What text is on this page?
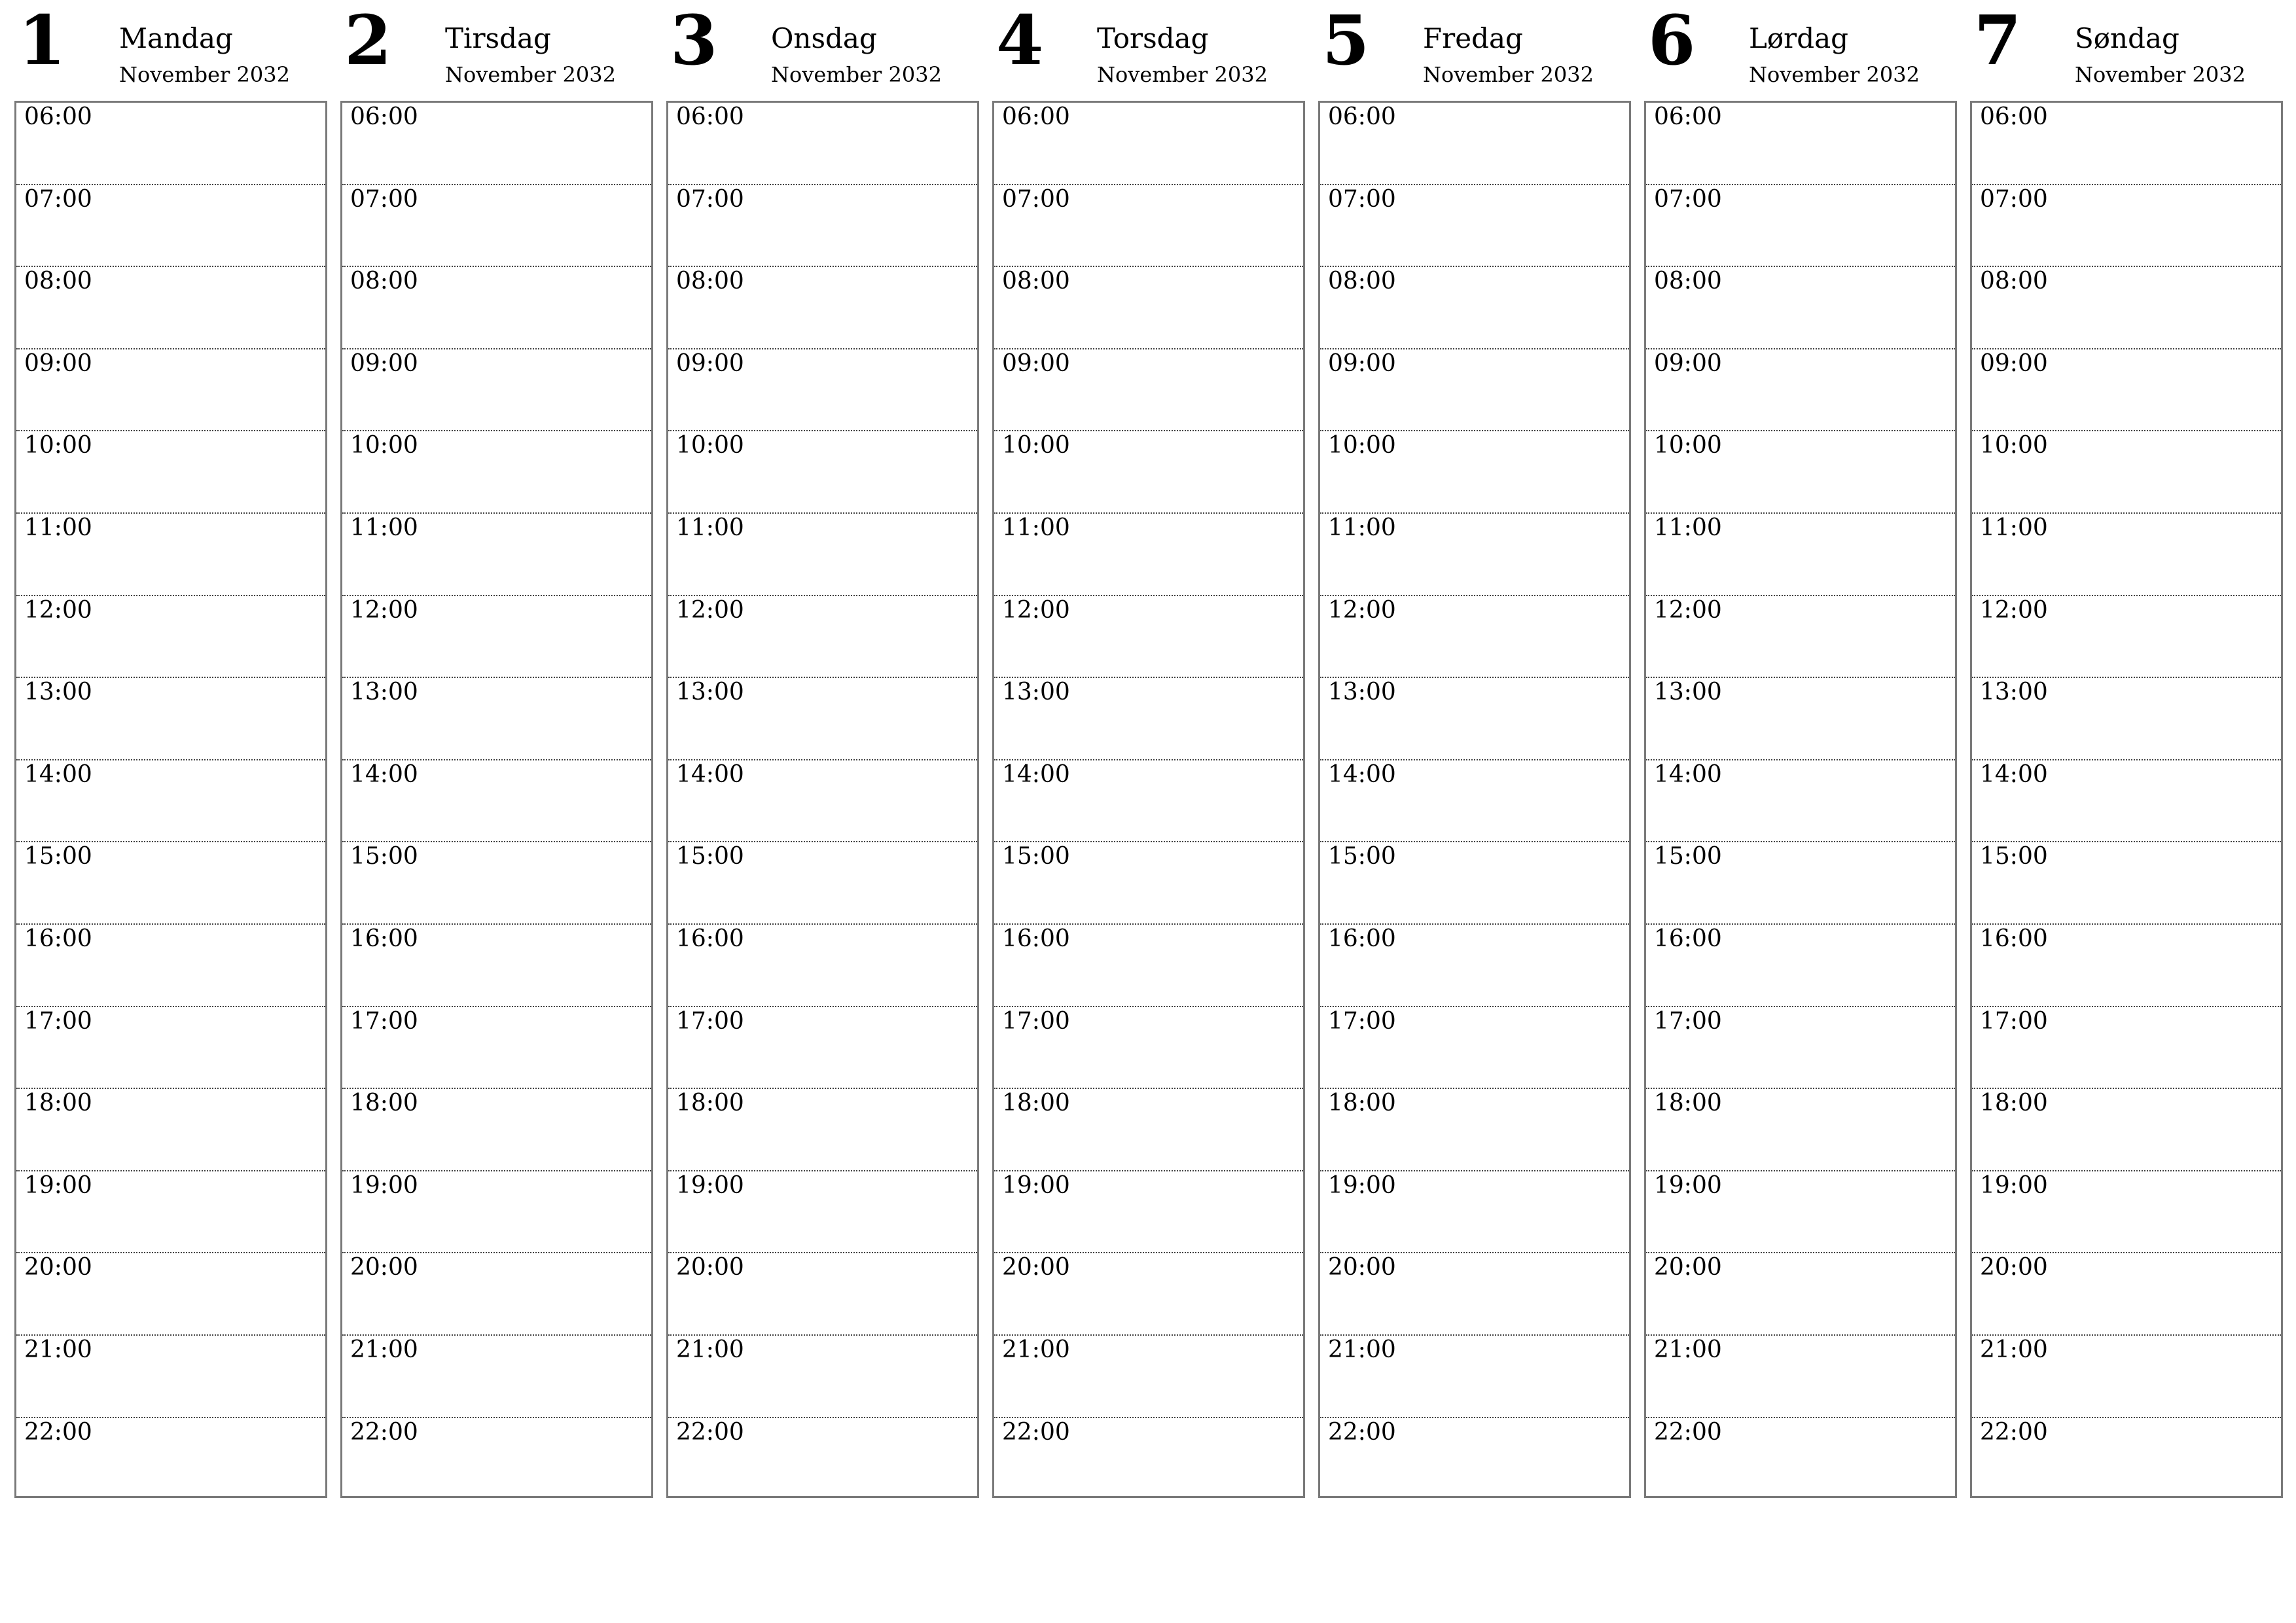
1 Mandag
November 2032
06:00
07:00
08:00
09:00
10:00
11:00
12:00
13:00
14:00
15:00
16:00
17:00
18:00
19:00
20:00
21:00
22:00
2 Tirsdag
November 2032
06:00
07:00
08:00
09:00
10:00
11:00
12:00
13:00
14:00
15:00
16:00
17:00
18:00
19:00
20:00
21:00
22:00
3 Onsdag
November 2032
06:00
07:00
08:00
09:00
10:00
11:00
12:00
13:00
14:00
15:00
16:00
17:00
18:00
19:00
20:00
21:00
22:00
4 Torsdag
November 2032
06:00
07:00
08:00
09:00
10:00
11:00
12:00
13:00
14:00
15:00
16:00
17:00
18:00
19:00
20:00
21:00
22:00
5 Fredag
November 2032
06:00
07:00
08:00
09:00
10:00
11:00
12:00
13:00
14:00
15:00
16:00
17:00
18:00
19:00
20:00
21:00
22:00
6 Lørdag
November 2032
06:00
07:00
08:00
09:00
10:00
11:00
12:00
13:00
14:00
15:00
16:00
17:00
18:00
19:00
20:00
21:00
22:00
7 Søndag
November 2032
06:00
07:00
08:00
09:00
10:00
11:00
12:00
13:00
14:00
15:00
16:00
17:00
18:00
19:00
20:00
21:00
22:00
